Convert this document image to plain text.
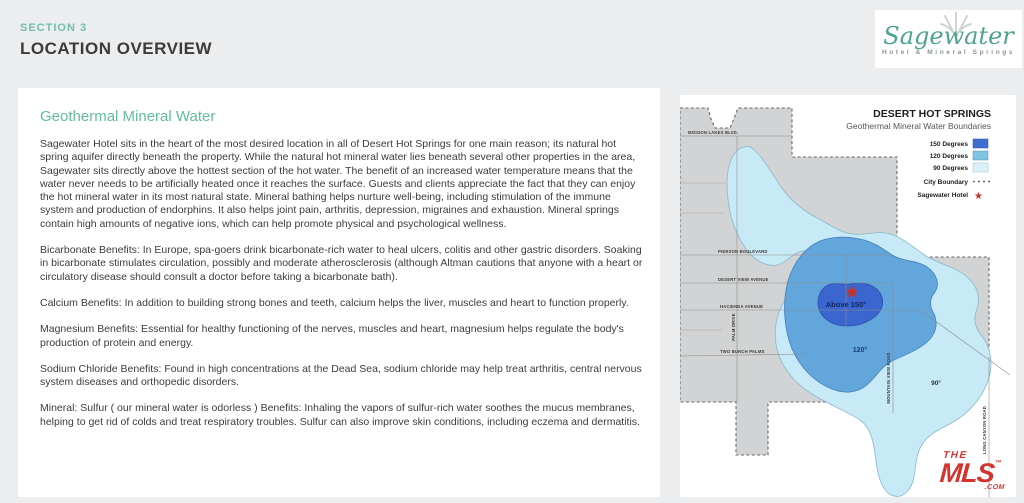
SECTION 3
LOCATION OVERVIEW	Sagewater
Hotel & Mineral Springs
Geothermal Mineral Water

Sagewater Hotel sits in the heart of the most desired location in all of Desert Hot Springs for one main reason; its natural hot spring aquifer directly beneath the property. While the natural hot mineral water lies beneath several other properties in the area, Sagewater sits directly above the hottest section of the hot water. The benefit of an increased water temperature means that the water never needs to be artificially heated once it reaches the surface. Guests and clients appreciate the fact that they can enjoy the hot mineral water in its most natural state. Mineral bathing helps nurture well-being, including stimulation of the immune system and production of endorphins. It also helps joint pain, arthritis, depression, migraines and exhaustion. Mineral springs contain high amounts of negative ions, which can help promote physical and psychological wellness.

Bicarbonate Benefits: In Europe, spa-goers drink bicarbonate-rich water to heal ulcers, colitis and other gastric disorders. Soaking in bicarbonate stimulates circulation, possibly and moderate atherosclerosis (although Altman cautions that anyone with a heart or circulatory disease should consult a doctor before taking a bicarbonate bath).

Calcium Benefits: In addition to building strong bones and teeth, calcium helps the liver, muscles and heart to function properly.

Magnesium Benefits: Essential for healthy functioning of the nerves, muscles and heart, magnesium helps regulate the body's production of protein and energy.

Sodium Chloride Benefits: Found in high concentrations at the Dead Sea, sodium chloride may help treat arthritis, central nervous system diseases and orthopedic disorders.

Mineral: Sulfur ( our mineral water is odorless ) Benefits: Inhaling the vapors of sulfur-rich water soothes the mucus membranes, helping to get rid of colds and treat respiratory troubles. Sulfur can also improve skin conditions, including eczema and dermatitis.

MISSION LAKES BLVD.
PIERSON BOULEVARD
DESERT VIEW AVENUE
HACIENDA AVENUE
TWO BUNCH PALMS
PALM DRIVE
MOUNTAIN VIEW ROAD
LONG CANYON ROAD
Above 150°
120°
90°
DESERT HOT SPRINGS
Geothermal Mineral Water Boundaries
150 Degrees
120 Degrees
90 Degrees
City Boundary
Sagewater Hotel ★
THE
MLS™
.COM
